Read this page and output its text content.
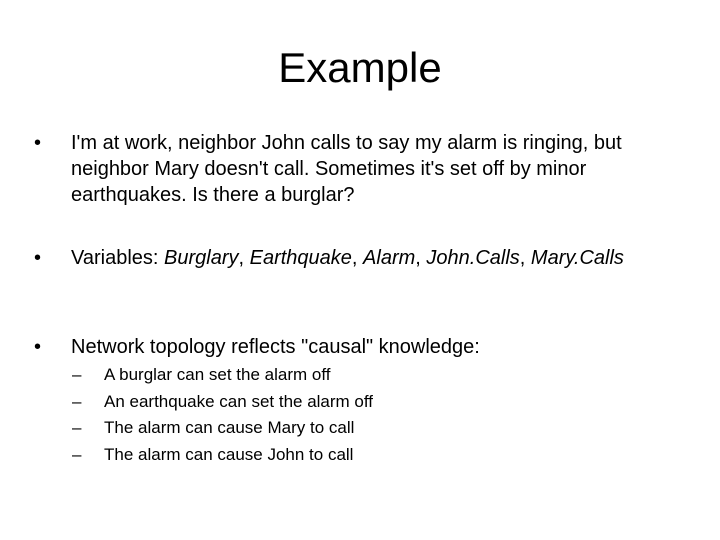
Example
•	I'm at work, neighbor John calls to say my alarm is ringing, but neighbor Mary doesn't call. Sometimes it's set off by minor earthquakes. Is there a burglar?
•	Variables: Burglary, Earthquake, Alarm, John.Calls, Mary.Calls
•	Network topology reflects "causal" knowledge:
– A burglar can set the alarm off
– An earthquake can set the alarm off
– The alarm can cause Mary to call
– The alarm can cause John to call
